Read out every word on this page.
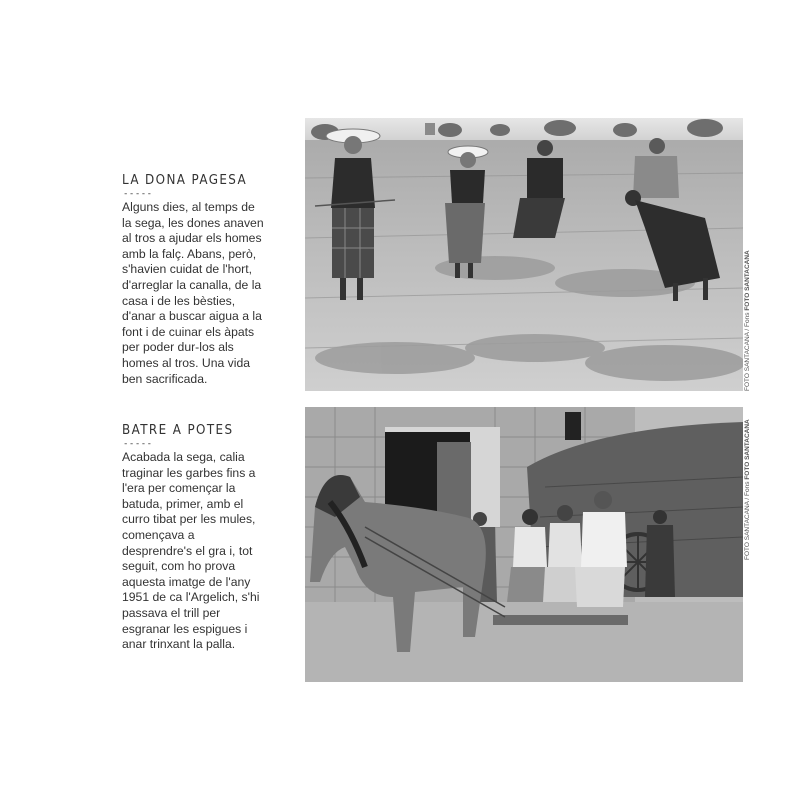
LA DONA PAGESA
-----

Alguns dies, al temps de la sega, les dones anaven al tros a ajudar els homes amb la falç. Abans, però, s'havien cuidat de l'hort, d'arreglar la canalla, de la casa i de les bèsties, d'anar a buscar aigua a la font i de cuinar els àpats per poder dur-los als homes al tros. Una vida ben sacrificada.

BATRE A POTES
-----

Acabada la sega, calia traginar les garbes fins a l'era per començar la batuda, primer, amb el curro tibat per les mules, començava a desprendre's el gra i, tot seguit, com ho prova aquesta imatge de l'any 1951 de ca l'Argelich, s'hi passava el trill per esgranar les espigues i anar trinxant la palla.

FOTO SANTACANA / Fons FOTO SANTACANA
FOTO SANTACANA / Fons FOTO SANTACANA
